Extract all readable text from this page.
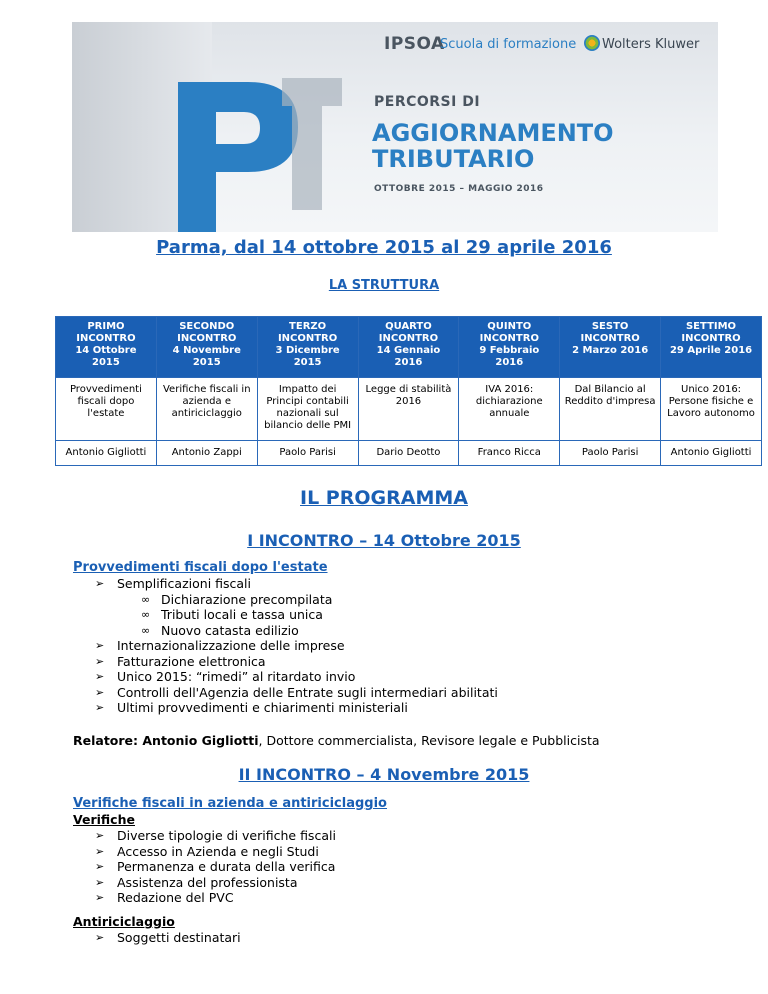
IPSOA
Scuola di formazione Wolters Kluwer
PERCORSI DI
AGGIORNAMENTO
TRIBUTARIO
OTTOBRE 2015 – MAGGIO 2016
Parma, dal 14 ottobre 2015 al 29 aprile 2016
LA STRUTTURA
PRIMO
INCONTRO
14 Ottobre
2015	SECONDO
INCONTRO
4 Novembre
2015	TERZO
INCONTRO
3 Dicembre
2015	QUARTO
INCONTRO
14 Gennaio
2016	QUINTO
INCONTRO
9 Febbraio
2016	SESTO
INCONTRO
2 Marzo 2016	SETTIMO
INCONTRO
29 Aprile 2016
Provvedimenti
fiscali dopo
l'estate	Verifiche fiscali in
azienda e
antiriciclaggio	Impatto dei
Principi contabili
nazionali sul
bilancio delle PMI	Legge di stabilità
2016	IVA 2016:
dichiarazione
annuale	Dal Bilancio al
Reddito d'impresa	Unico 2016:
Persone fisiche e
Lavoro autonomo
Antonio Gigliotti	Antonio Zappi	Paolo Parisi	Dario Deotto	Franco Ricca	Paolo Parisi	Antonio Gigliotti
IL PROGRAMMA
I INCONTRO – 14 Ottobre 2015
Provvedimenti fiscali dopo l'estate
➢ Semplificazioni fiscali
∞ Dichiarazione precompilata
∞ Tributi locali e tassa unica
∞ Nuovo catasta edilizio
➢ Internazionalizzazione delle imprese
➢ Fatturazione elettronica
➢ Unico 2015: “rimedi” al ritardato invio
➢ Controlli dell'Agenzia delle Entrate sugli intermediari abilitati
➢ Ultimi provvedimenti e chiarimenti ministeriali
Relatore: Antonio Gigliotti, Dottore commercialista, Revisore legale e Pubblicista
II INCONTRO – 4 Novembre 2015
Verifiche fiscali in azienda e antiriciclaggio
Verifiche
➢ Diverse tipologie di verifiche fiscali
➢ Accesso in Azienda e negli Studi
➢ Permanenza e durata della verifica
➢ Assistenza del professionista
➢ Redazione del PVC
Antiriciclaggio
➢ Soggetti destinatari
